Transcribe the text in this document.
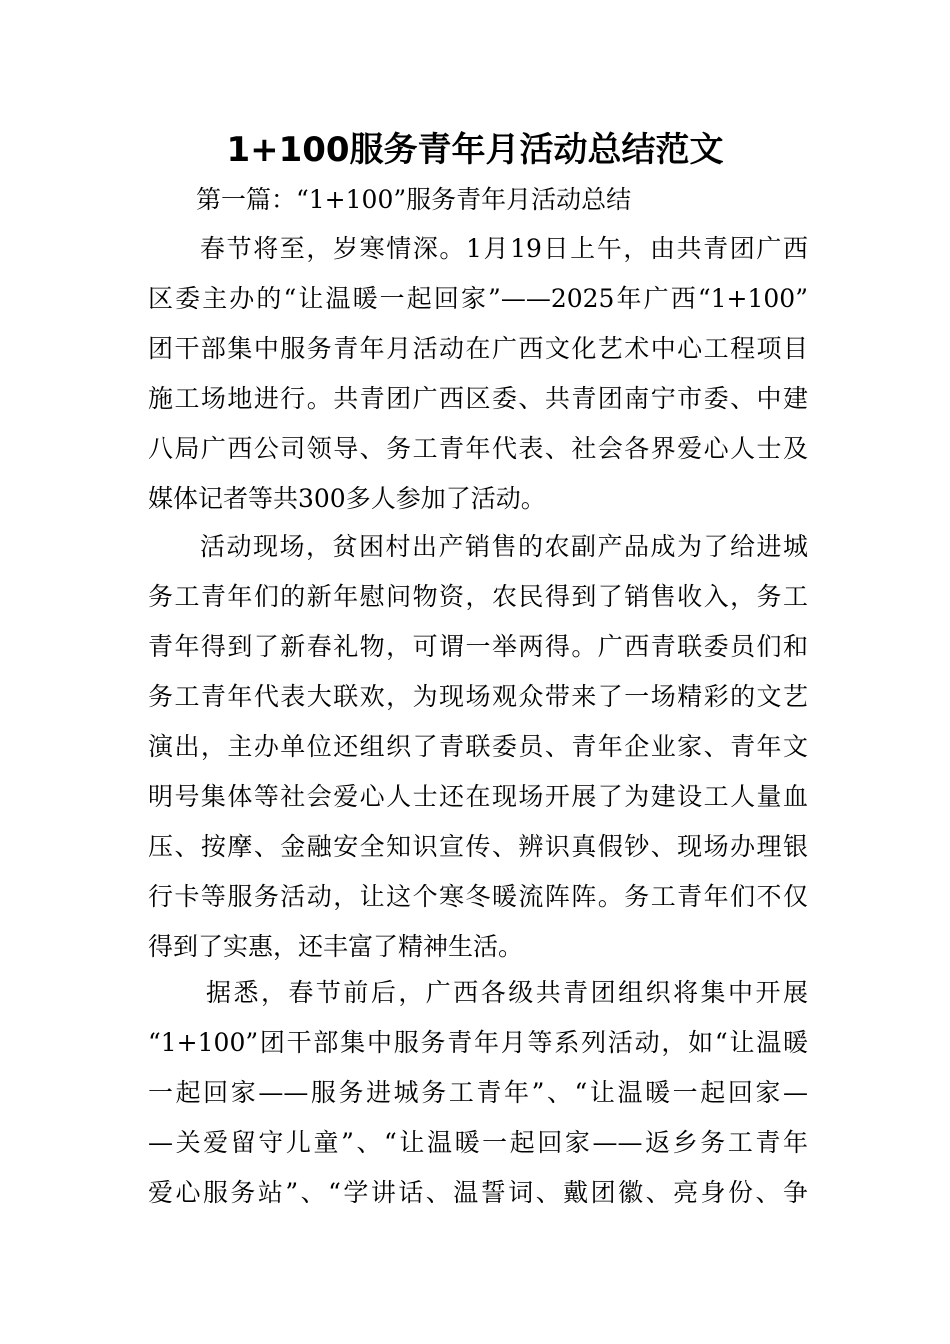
1+100服务青年月活动总结范文

第一篇：“1+100”服务青年月活动总结

春节将至，岁寒情深。1月19日上午，由共青团广西
区委主办的“让温暖一起回家”——2025年广西“1+100”
团干部集中服务青年月活动在广西文化艺术中心工程项目
施工场地进行。共青团广西区委、共青团南宁市委、中建
八局广西公司领导、务工青年代表、社会各界爱心人士及
媒体记者等共300多人参加了活动。
活动现场，贫困村出产销售的农副产品成为了给进城
务工青年们的新年慰问物资，农民得到了销售收入，务工
青年得到了新春礼物，可谓一举两得。广西青联委员们和
务工青年代表大联欢，为现场观众带来了一场精彩的文艺
演出，主办单位还组织了青联委员、青年企业家、青年文
明号集体等社会爱心人士还在现场开展了为建设工人量血
压、按摩、金融安全知识宣传、辨识真假钞、现场办理银
行卡等服务活动，让这个寒冬暖流阵阵。务工青年们不仅
得到了实惠，还丰富了精神生活。
据悉，春节前后，广西各级共青团组织将集中开展
“1+100”团干部集中服务青年月等系列活动，如“让温暖
一起回家——服务进城务工青年”、“让温暖一起回家—
—关爱留守儿童”、“让温暖一起回家——返乡务工青年
爱心服务站”、“学讲话、温誓词、戴团徽、亮身份、争
